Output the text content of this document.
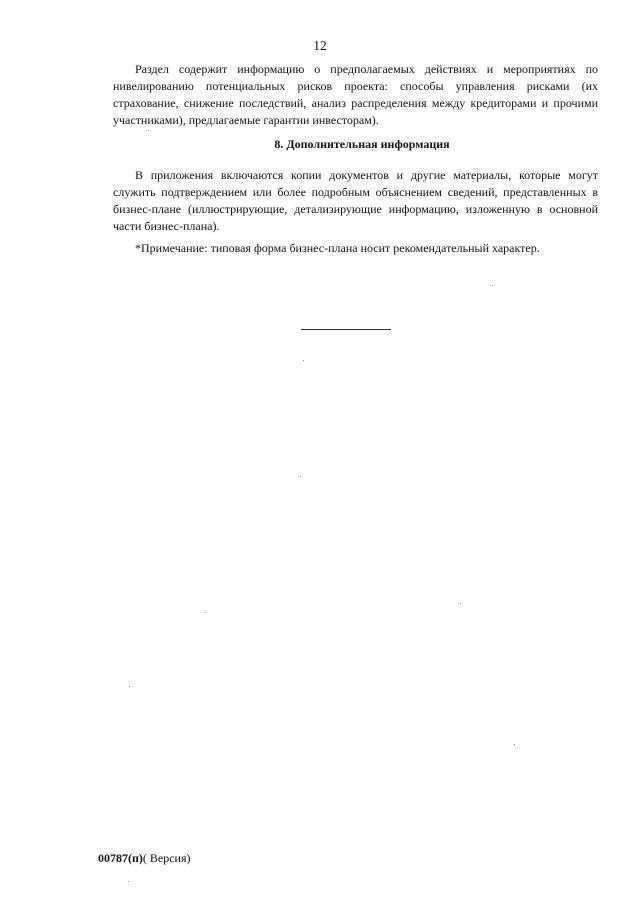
12

Раздел содержит информацию о предполагаемых действиях и мероприятиях по нивелированию потенциальных рисков проекта: способы управления рисками (их страхование, снижение последствий, анализ распределения между кредиторами и прочими участниками), предлагаемые гарантии инвесторам).

8. Дополнительная информация

В приложения включаются копии документов и другие материалы, которые могут служить подтверждением или более подробным объяснением сведений, представленных в бизнес-плане (иллюстрирующие, детализирующие информацию, изложенную в основной части бизнес-плана).

*Примечание: типовая форма бизнес-плана носит рекомендательный характер.
00787(п)( Версия)
